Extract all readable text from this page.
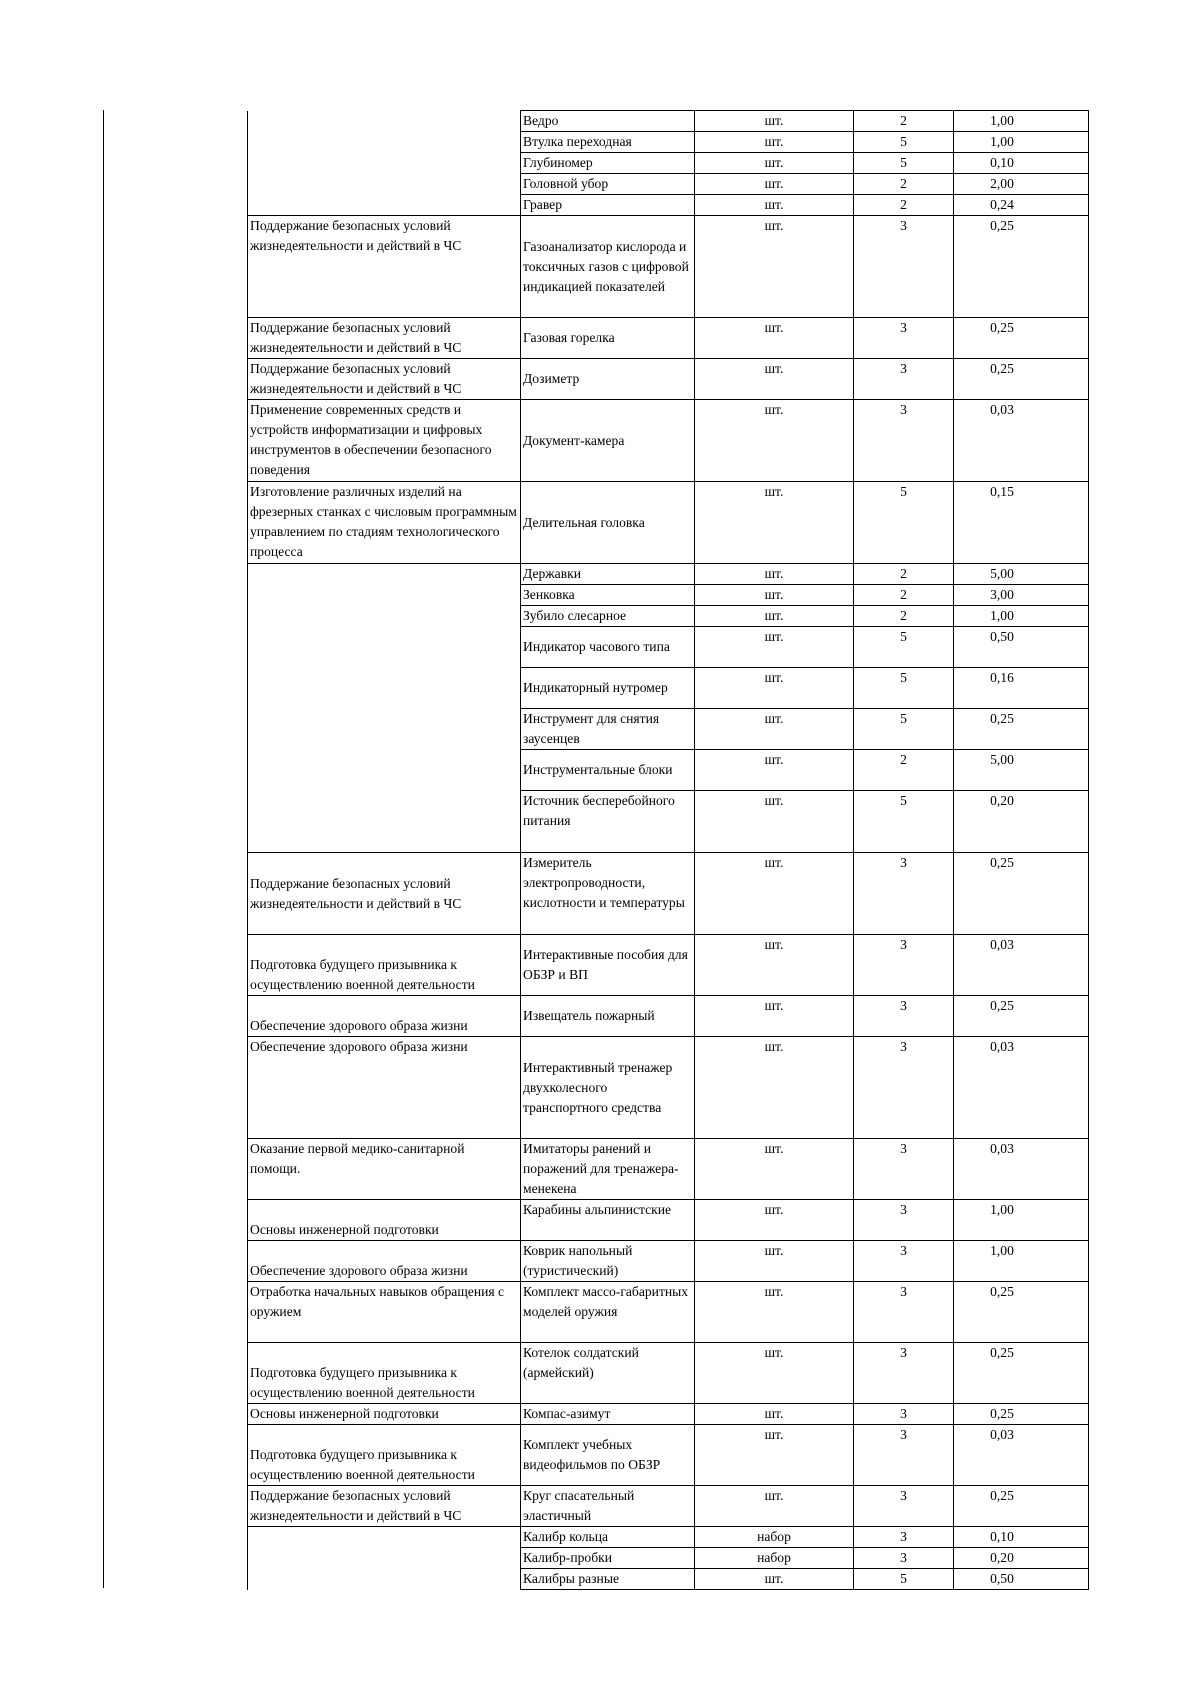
	Ведро	шт.	2	1,00
	Втулка переходная	шт.	5	1,00
	Глубиномер	шт.	5	0,10
	Головной убор	шт.	2	2,00
	Гравер	шт.	2	0,24
Поддержание безопасных условий жизнедеятельности и действий в ЧС	Газоанализатор кислорода и токсичных газов с цифровой индикацией показателей	шт.	3	0,25
Поддержание безопасных условий жизнедеятельности и действий в ЧС	Газовая горелка	шт.	3	0,25
Поддержание безопасных условий жизнедеятельности и действий в ЧС	Дозиметр	шт.	3	0,25
Применение современных средств и устройств информатизации и цифровых инструментов в обеспечении безопасного поведения	Документ-камера	шт.	3	0,03
Изготовление различных изделий на фрезерных станках с числовым программным управлением по стадиям технологического процесса	Делительная головка	шт.	5	0,15
	Державки	шт.	2	5,00
	Зенковка	шт.	2	3,00
	Зубило слесарное	шт.	2	1,00
	Индикатор часового типа	шт.	5	0,50
	Индикаторный нутромер	шт.	5	0,16
	Инструмент для снятия заусенцев	шт.	5	0,25
	Инструментальные блоки	шт.	2	5,00
	Источник бесперебойного питания	шт.	5	0,20
Поддержание безопасных условий жизнедеятельности и действий в ЧС	Измеритель электропроводности, кислотности и температуры	шт.	3	0,25
Подготовка будущего призывника к осуществлению военной деятельности	Интерактивные пособия для ОБЗР и ВП	шт.	3	0,03
Обеспечение здорового образа жизни	Извещатель пожарный	шт.	3	0,25
Обеспечение здорового образа жизни	Интерактивный тренажер двухколесного транспортного средства	шт.	3	0,03
Оказание первой медико-санитарной помощи.	Имитаторы ранений и поражений для тренажера-менекена	шт.	3	0,03
Основы инженерной подготовки	Карабины альпинистские	шт.	3	1,00
Обеспечение здорового образа жизни	Коврик напольный (туристический)	шт.	3	1,00
Отработка начальных навыков обращения с оружием	Комплект массо-габаритных моделей оружия	шт.	3	0,25
Подготовка будущего призывника к осуществлению военной деятельности	Котелок солдатский (армейский)	шт.	3	0,25
Основы инженерной подготовки	Компас-азимут	шт.	3	0,25
Подготовка будущего призывника к осуществлению военной деятельности	Комплект учебных видеофильмов по ОБЗР	шт.	3	0,03
Поддержание безопасных условий жизнедеятельности и действий в ЧС	Круг спасательный эластичный	шт.	3	0,25
	Калибр кольца	набор	3	0,10
	Калибр-пробки	набор	3	0,20
	Калибры разные	шт.	5	0,50
